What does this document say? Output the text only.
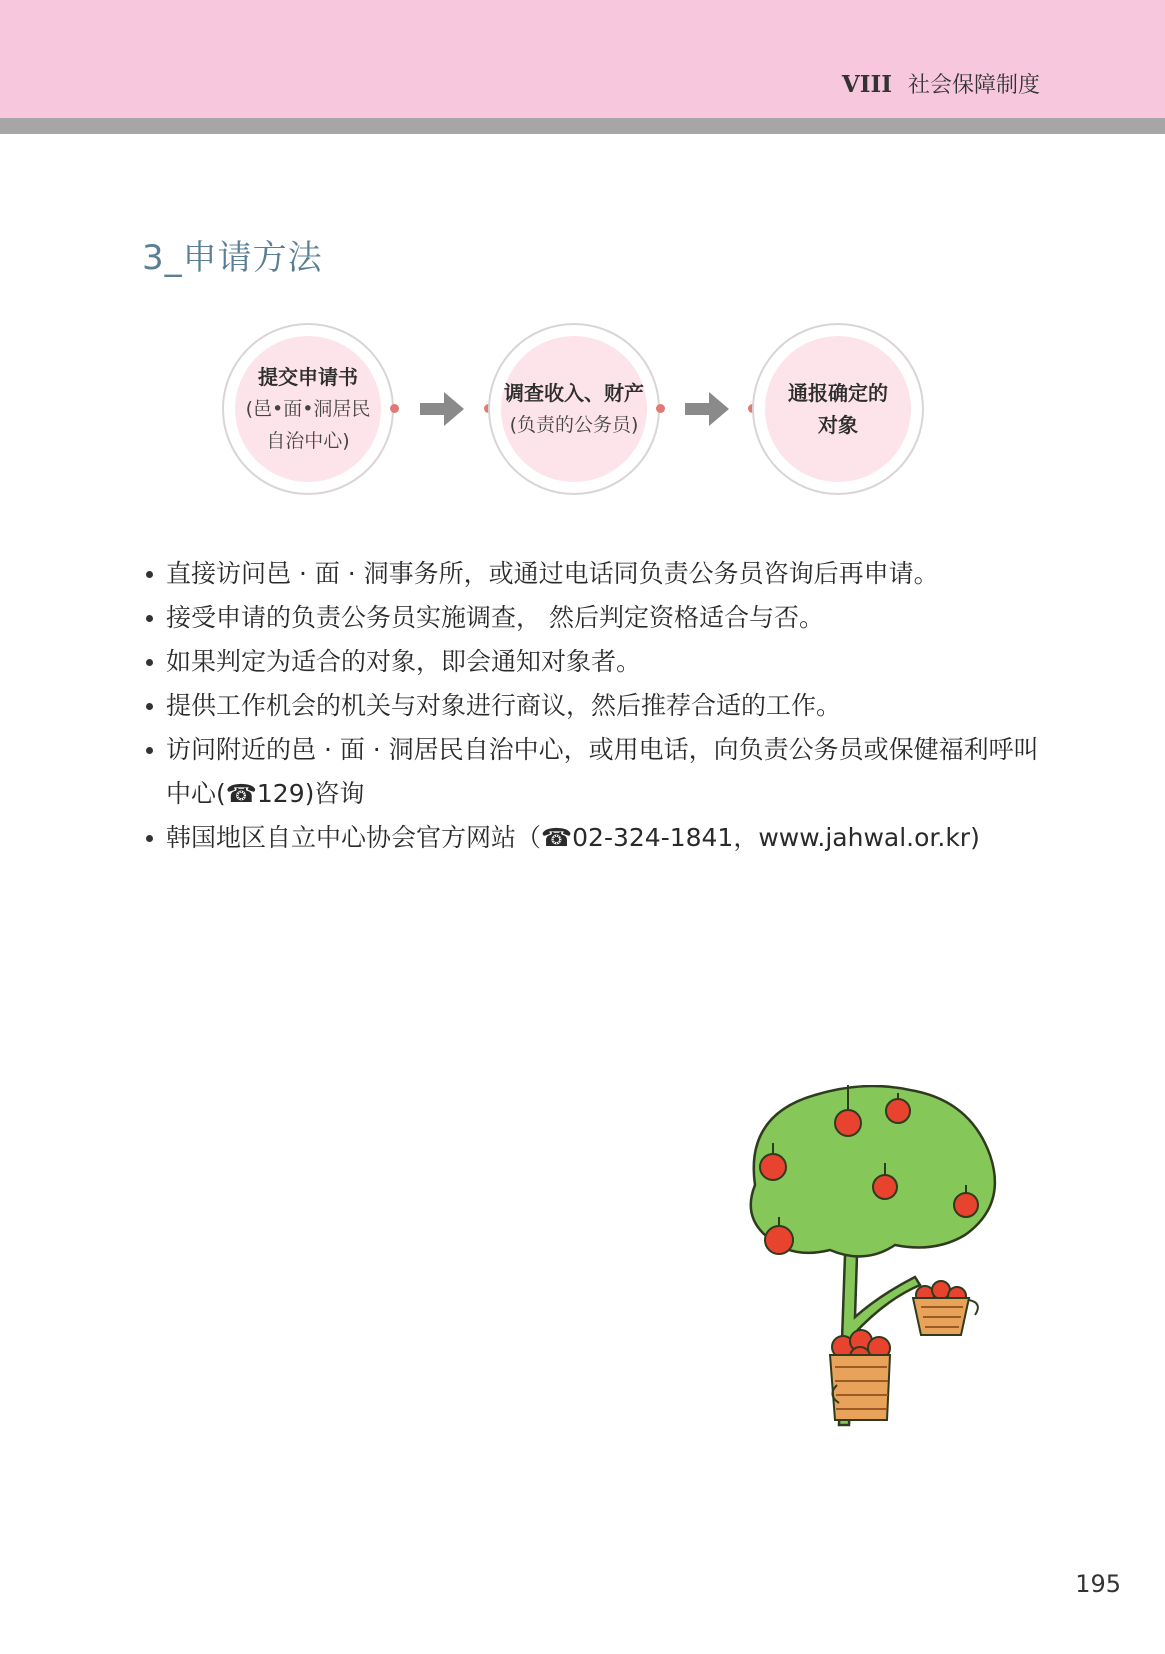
VIII 社会保障制度
3_申请方法
提交申请书
(邑•面•洞居民
自治中心)
调查收入、财产
(负责的公务员)
通报确定的
对象
直接访问邑 · 面 · 洞事务所，或通过电话同负责公务员咨询后再申请。
接受申请的负责公务员实施调查， 然后判定资格适合与否。
如果判定为适合的对象，即会通知对象者。
提供工作机会的机关与对象进行商议，然后推荐合适的工作。
访问附近的邑 · 面 · 洞居民自治中心，或用电话，向负责公务员或保健福利呼叫中心(☎129)咨询
韩国地区自立中心协会官方网站（☎02-324-1841，www.jahwal.or.kr)
195
